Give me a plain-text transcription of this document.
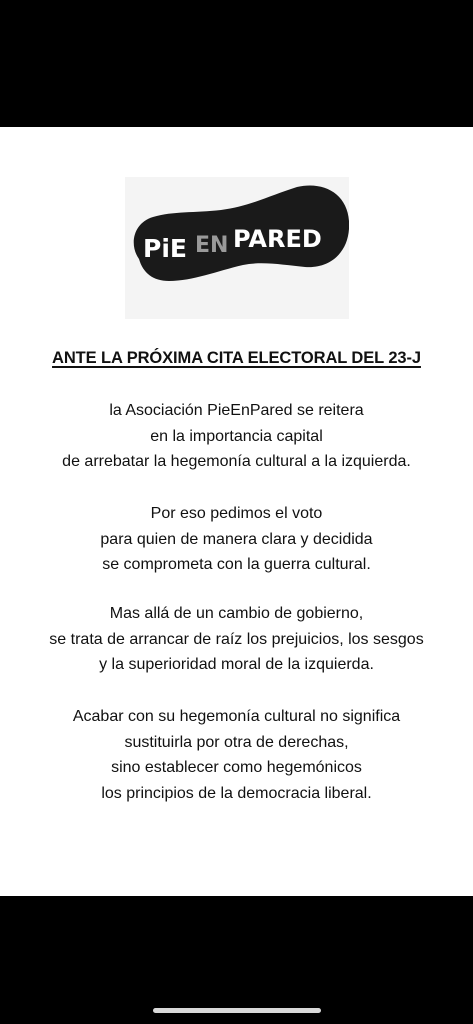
PiE EN PARED
ANTE LA PRÓXIMA CITA ELECTORAL DEL 23-J
la Asociación PieEnPared se reitera
en la importancia capital
de arrebatar la hegemonía cultural a la izquierda.
Por eso pedimos el voto
para quien de manera clara y decidida
se comprometa con la guerra cultural.
Mas allá de un cambio de gobierno,
se trata de arrancar de raíz los prejuicios, los sesgos
y la superioridad moral de la izquierda.
Acabar con su hegemonía cultural no significa
sustituirla por otra de derechas,
sino establecer como hegemónicos
los principios de la democracia liberal.
